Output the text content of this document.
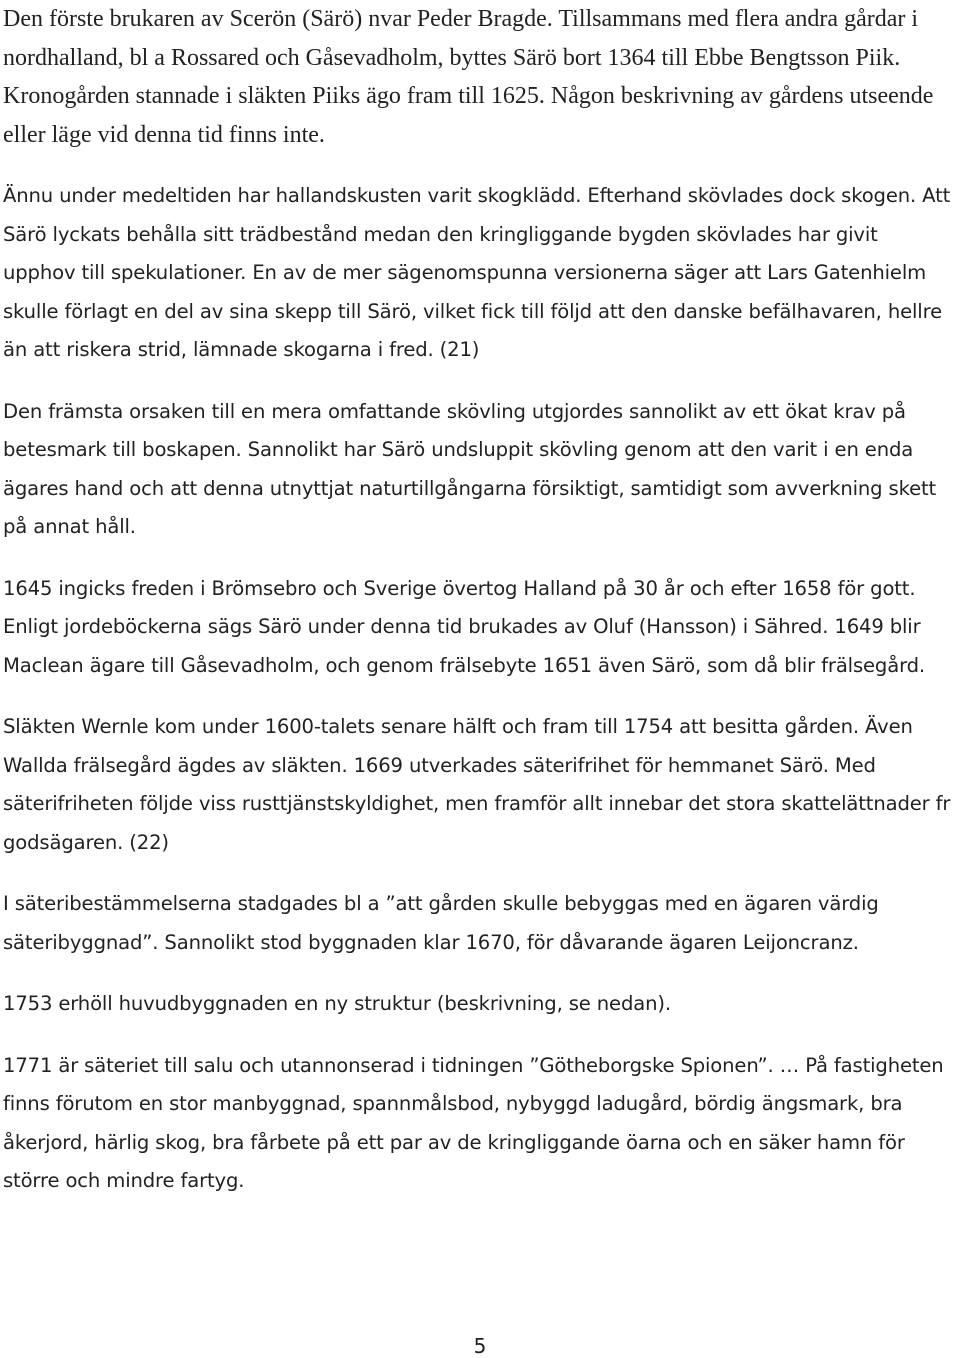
Den förste brukaren av Scerön (Särö) nvar Peder Bragde. Tillsammans med flera andra gårdar i nordhalland, bl a Rossared och Gåsevadholm, byttes Särö bort 1364 till Ebbe Bengtsson Piik. Kronogården stannade i släkten Piiks ägo fram till 1625. Någon beskrivning av gårdens utseende eller läge vid denna tid finns inte.

Ännu under medeltiden har hallandskusten varit skogklädd. Efterhand skövlades dock skogen. Att Särö lyckats behålla sitt trädbestånd medan den kringliggande bygden skövlades har givit upphov till spekulationer. En av de mer sägenomspunna versionerna säger att Lars Gatenhielm skulle förlagt en del av sina skepp till Särö, vilket fick till följd att den danske befälhavaren, hellre än att riskera strid, lämnade skogarna i fred. (21)

Den främsta orsaken till en mera omfattande skövling utgjordes sannolikt av ett ökat krav på betesmark till boskapen. Sannolikt har Särö undsluppit skövling genom att den varit i en enda ägares hand och att denna utnyttjat naturtillgångarna försiktigt, samtidigt som avverkning skett på annat håll.

1645 ingicks freden i Brömsebro och Sverige övertog Halland på 30 år och efter 1658 för gott. Enligt jordeböckerna sägs Särö under denna tid brukades av Oluf (Hansson) i Sähred. 1649 blir Maclean ägare till Gåsevadholm, och genom frälsebyte 1651 även Särö, som då blir frälsegård.

Släkten Wernle kom under 1600-talets senare hälft och fram till 1754 att besitta gården. Även Wallda frälsegård ägdes av släkten. 1669 utverkades säterifrihet för hemmanet Särö. Med säterifriheten följde viss rusttjänstskyldighet, men framför allt innebar det stora skattelättnader fr godsägaren. (22)

I säteribestämmelserna stadgades bl a ”att gården skulle bebyggas med en ägaren värdig säteribyggnad”. Sannolikt stod byggnaden klar 1670, för dåvarande ägaren Leijoncranz.

1753 erhöll huvudbyggnaden en ny struktur (beskrivning, se nedan).

1771 är säteriet till salu och utannonserad i tidningen ”Götheborgske Spionen”. … På fastigheten finns förutom en stor manbyggnad, spannmålsbod, nybyggd ladugård, bördig ängsmark, bra åkerjord, härlig skog, bra fårbete på ett par av de kringliggande öarna och en säker hamn för större och mindre fartyg.

5
